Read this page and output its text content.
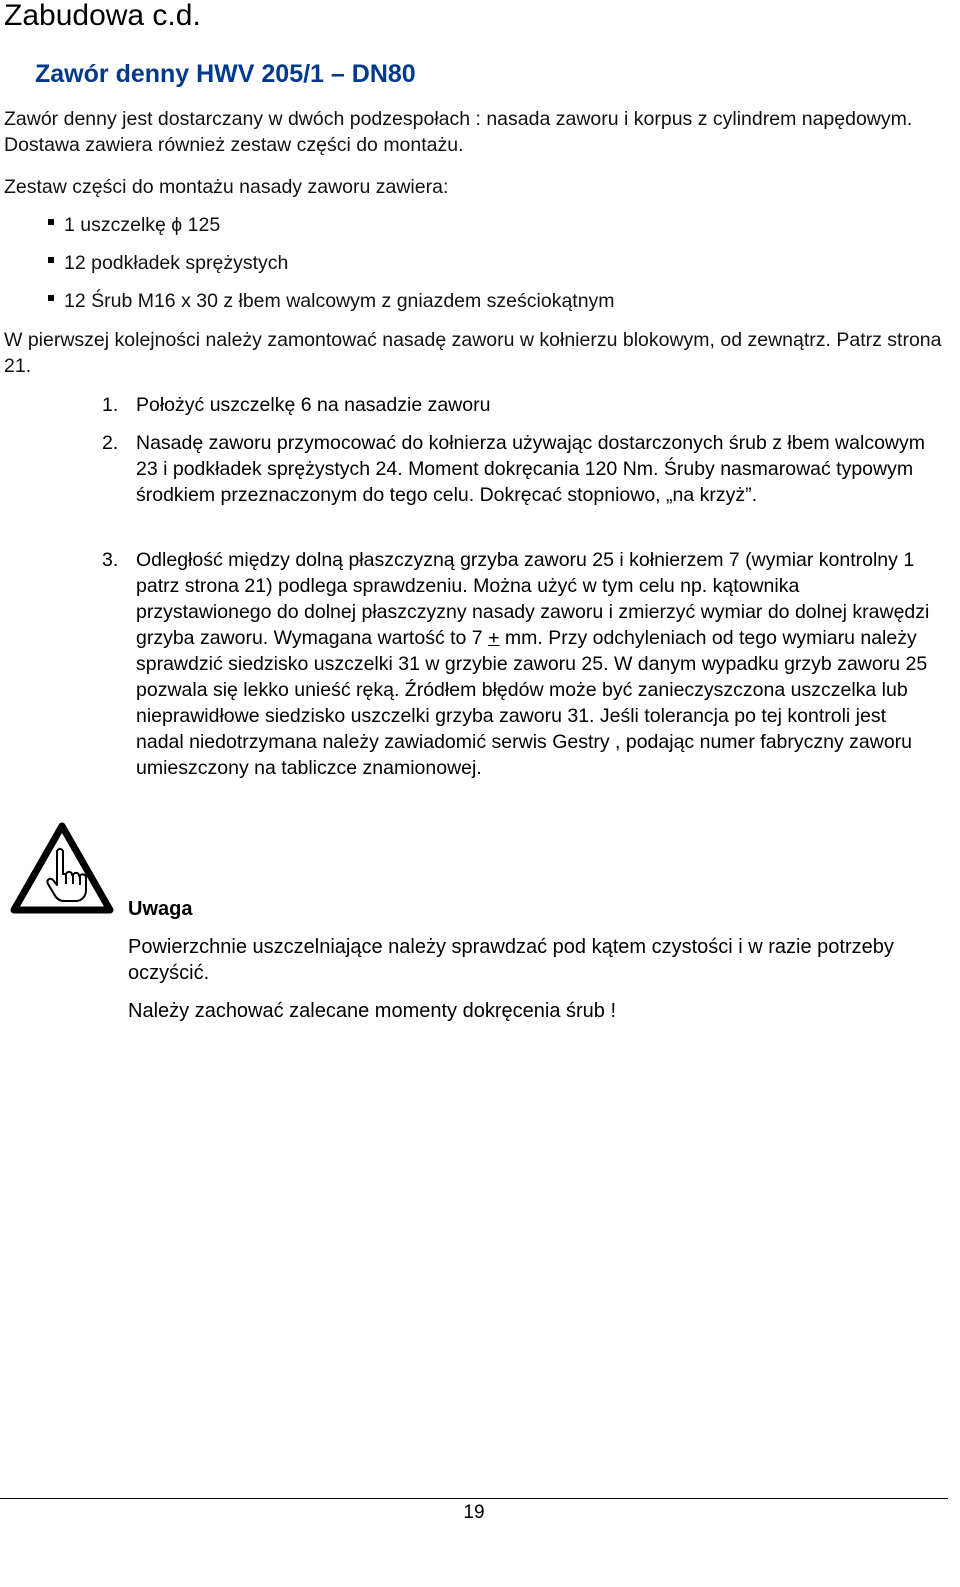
Zabudowa c.d.
Zawór denny HWV 205/1 – DN80

Zawór denny jest dostarczany w dwóch podzespołach : nasada zaworu i korpus z cylindrem napędowym. Dostawa zawiera również zestaw części do montażu.

Zestaw części do montażu nasady zaworu zawiera:

1 uszczelkę ϕ 125
12 podkładek sprężystych
12 Śrub M16 x 30 z łbem walcowym z gniazdem sześciokątnym

W pierwszej kolejności należy zamontować nasadę zaworu w kołnierzu blokowym, od zewnątrz. Patrz strona 21.

1. Położyć uszczelkę 6 na nasadzie zaworu

2. Nasadę zaworu przymocować do kołnierza używając dostarczonych śrub z łbem walcowym 23 i podkładek sprężystych 24. Moment dokręcania 120 Nm. Śruby nasmarować typowym środkiem przeznaczonym do tego celu. Dokręcać stopniowo, „na krzyż”.

3. Odległość między dolną płaszczyzną grzyba zaworu 25 i kołnierzem 7 (wymiar kontrolny 1 patrz strona 21) podlega sprawdzeniu. Można użyć w tym celu np. kątownika przystawionego do dolnej płaszczyzny nasady zaworu i zmierzyć wymiar do dolnej krawędzi grzyba zaworu. Wymagana wartość to 7 + mm. Przy odchyleniach od tego wymiaru należy sprawdzić siedzisko uszczelki 31 w grzybie zaworu 25. W danym wypadku grzyb zaworu 25 pozwala się lekko unieść ręką. Źródłem błędów może być zanieczyszczona uszczelka lub nieprawidłowe siedzisko uszczelki grzyba zaworu 31. Jeśli tolerancja po tej kontroli jest nadal niedotrzymana należy zawiadomić serwis Gestry , podając numer fabryczny zaworu umieszczony na tabliczce znamionowej.

Uwaga

Powierzchnie uszczelniające należy sprawdzać pod kątem czystości i w razie potrzeby oczyścić.

Należy zachować zalecane momenty dokręcenia śrub !

19
